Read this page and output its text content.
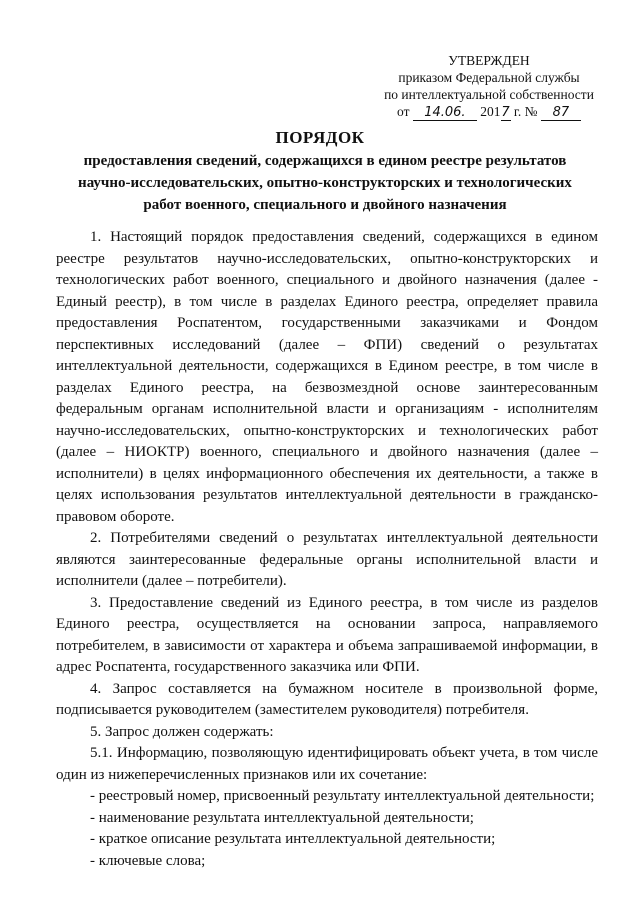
УТВЕРЖДЕН
приказом Федеральной службы
по интеллектуальной собственности
от 14.06. 2017 г. № 87
ПОРЯДОК
предоставления сведений, содержащихся в едином реестре результатов научно-исследовательских, опытно-конструкторских и технологических работ военного, специального и двойного назначения

1. Настоящий порядок предоставления сведений, содержащихся в едином реестре результатов научно-исследовательских, опытно-конструкторских и технологических работ военного, специального и двойного назначения (далее - Единый реестр), в том числе в разделах Единого реестра, определяет правила предоставления Роспатентом, государственными заказчиками и Фондом перспективных исследований (далее – ФПИ) сведений о результатах интеллектуальной деятельности, содержащихся в Едином реестре, в том числе в разделах Единого реестра, на безвозмездной основе заинтересованным федеральным органам исполнительной власти и организациям - исполнителям научно-исследовательских, опытно-конструкторских и технологических работ (далее – НИОКТР) военного, специального и двойного назначения (далее – исполнители) в целях информационного обеспечения их деятельности, а также в целях использования результатов интеллектуальной деятельности в гражданско-правовом обороте.

2. Потребителями сведений о результатах интеллектуальной деятельности являются заинтересованные федеральные органы исполнительной власти и исполнители (далее – потребители).

3. Предоставление сведений из Единого реестра, в том числе из разделов Единого реестра, осуществляется на основании запроса, направляемого потребителем, в зависимости от характера и объема запрашиваемой информации, в адрес Роспатента, государственного заказчика или ФПИ.

4. Запрос составляется на бумажном носителе в произвольной форме, подписывается руководителем (заместителем руководителя) потребителя.

5. Запрос должен содержать:

5.1. Информацию, позволяющую идентифицировать объект учета, в том числе один из нижеперечисленных признаков или их сочетание:

- реестровый номер, присвоенный результату интеллектуальной деятельности;

- наименование результата интеллектуальной деятельности;

- краткое описание результата интеллектуальной деятельности;

- ключевые слова;
